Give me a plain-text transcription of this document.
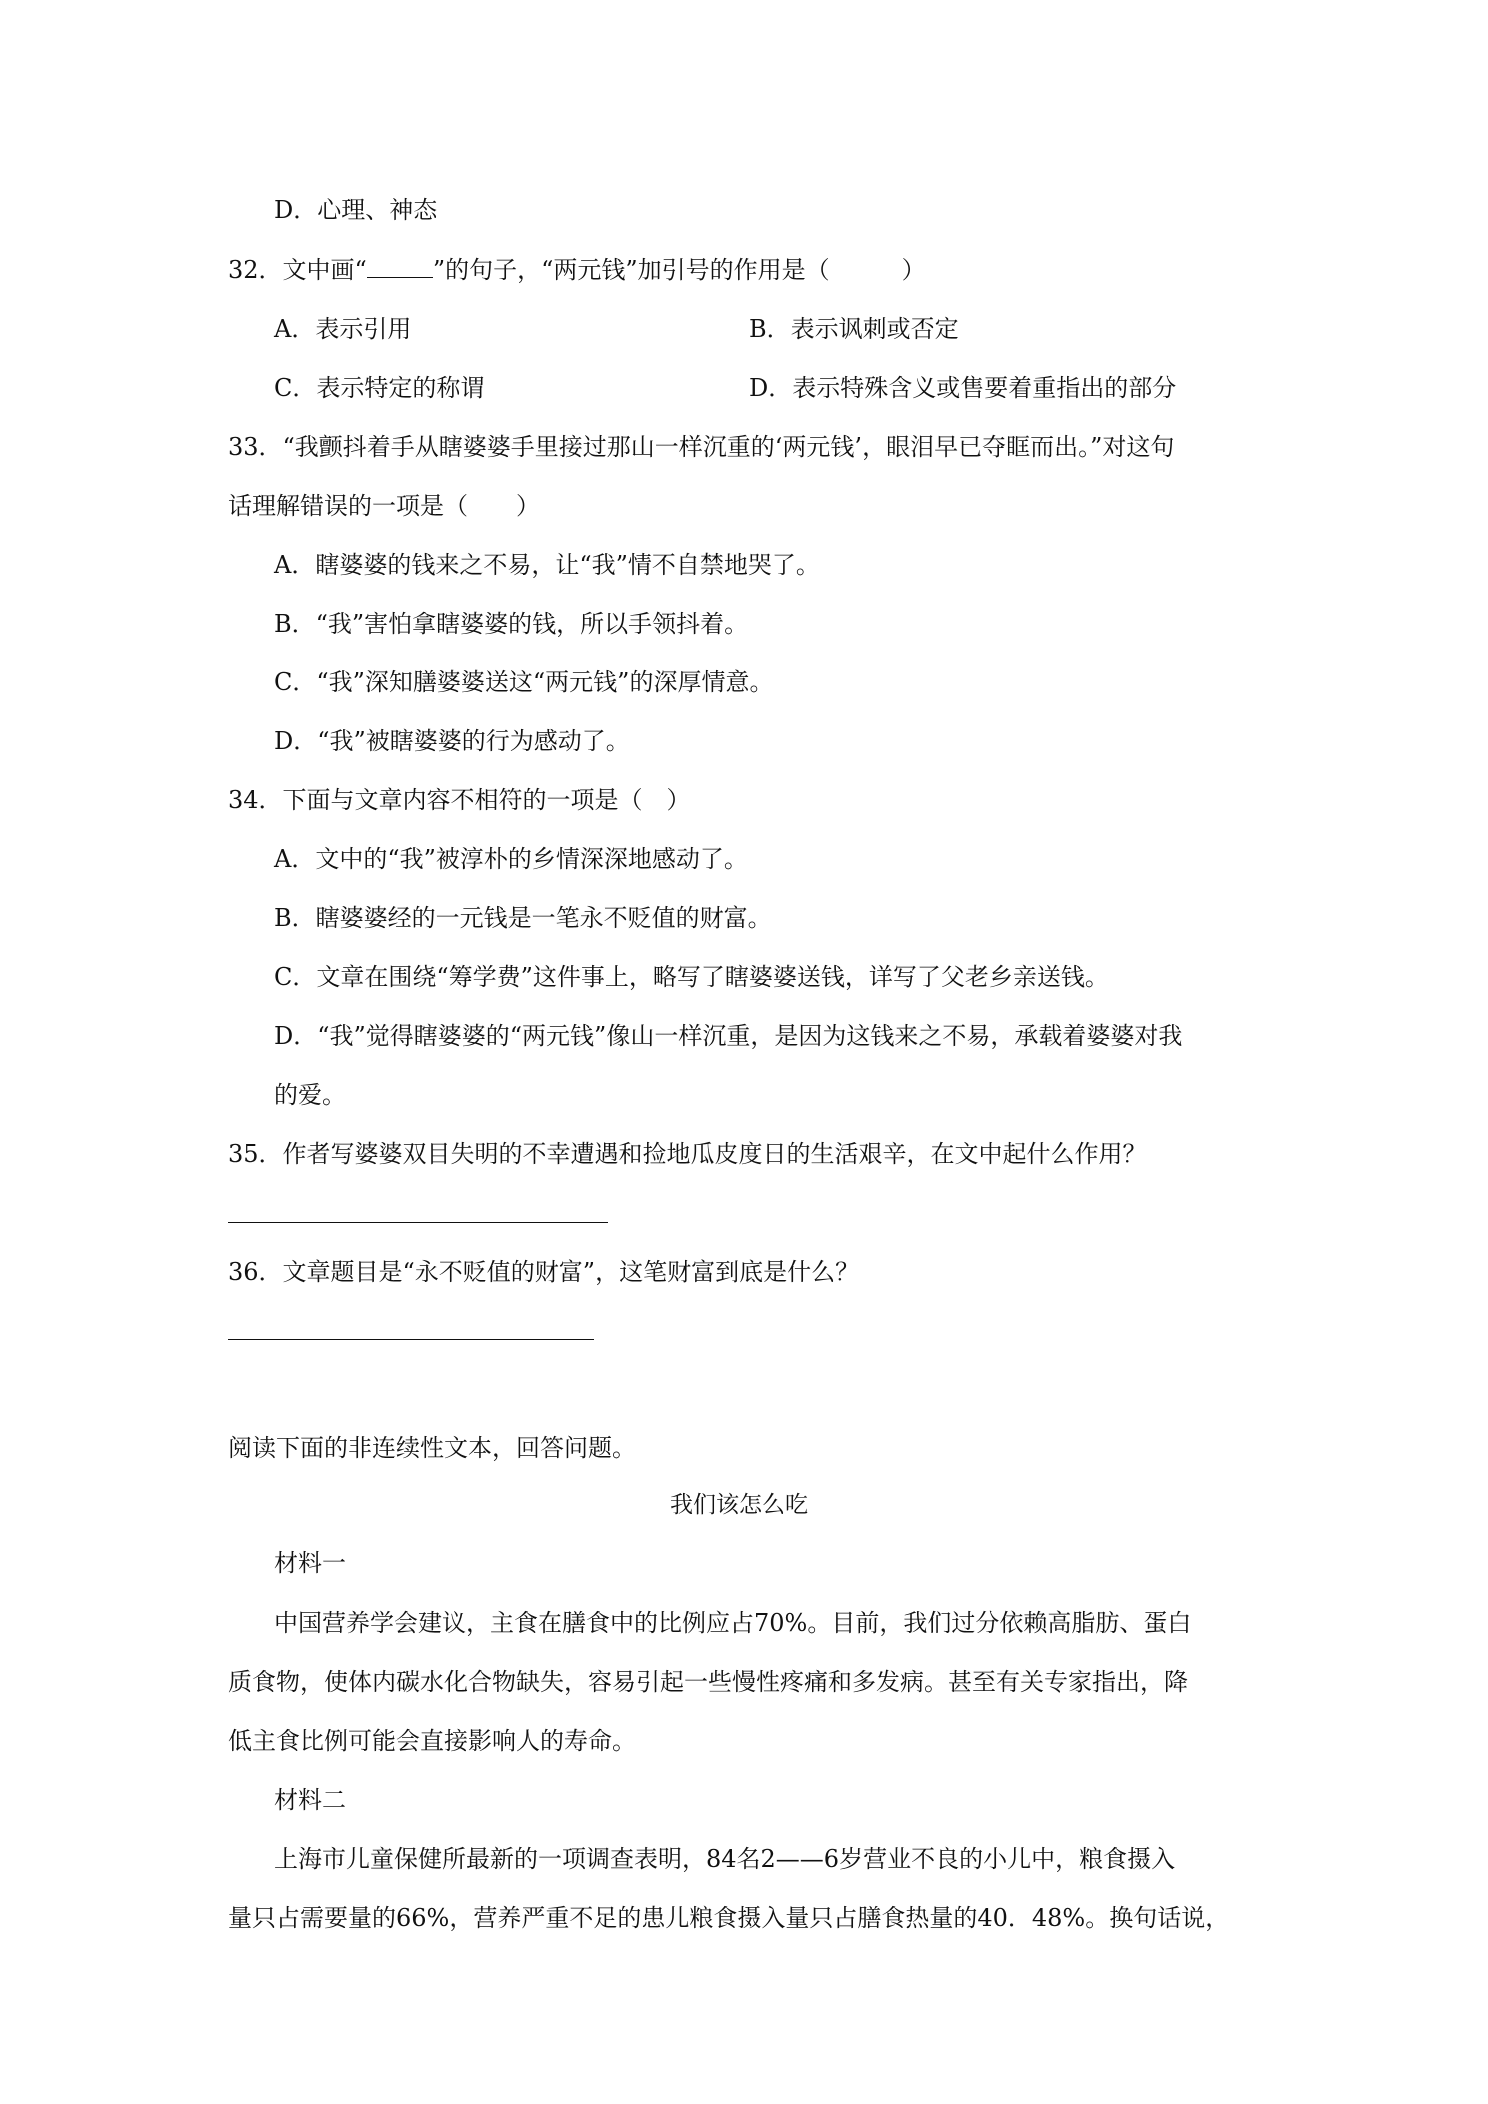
D．心理、神态
32．文中画“	”的句子，“两元钱”加引号的作用是（　　　）
A．表示引用	B．表示讽刺或否定
C．表示特定的称谓	D．表示特殊含义或售要着重指出的部分
33．“我颤抖着手从瞎婆婆手里接过那山一样沉重的‘两元钱’，眼泪早已夺眶而出。”对这句
话理解错误的一项是（　　）
A．瞎婆婆的钱来之不易，让“我”情不自禁地哭了。
B．“我”害怕拿瞎婆婆的钱，所以手领抖着。
C．“我”深知膳婆婆送这“两元钱”的深厚情意。
D．“我”被瞎婆婆的行为感动了。
34．下面与文章内容不相符的一项是（　）
A．文中的“我”被淳朴的乡情深深地感动了。
B．瞎婆婆经的一元钱是一笔永不贬值的财富。
C．文章在围绕“筹学费”这件事上，略写了瞎婆婆送钱，详写了父老乡亲送钱。
D．“我”觉得瞎婆婆的“两元钱”像山一样沉重，是因为这钱来之不易，承载着婆婆对我
的爱。
35．作者写婆婆双目失明的不幸遭遇和捡地瓜皮度日的生活艰辛，在文中起什么作用？
36．文章题目是“永不贬值的财富”，这笔财富到底是什么？
阅读下面的非连续性文本，回答问题。
我们该怎么吃
材料一
中国营养学会建议，主食在膳食中的比例应占70%。目前，我们过分依赖高脂肪、蛋白
质食物，使体内碳水化合物缺失，容易引起一些慢性疼痛和多发病。甚至有关专家指出，降
低主食比例可能会直接影响人的寿命。
材料二
上海市儿童保健所最新的一项调查表明，84名2——6岁营业不良的小儿中，粮食摄入
量只占需要量的66%，营养严重不足的患儿粮食摄入量只占膳食热量的40．48%。换句话说，
